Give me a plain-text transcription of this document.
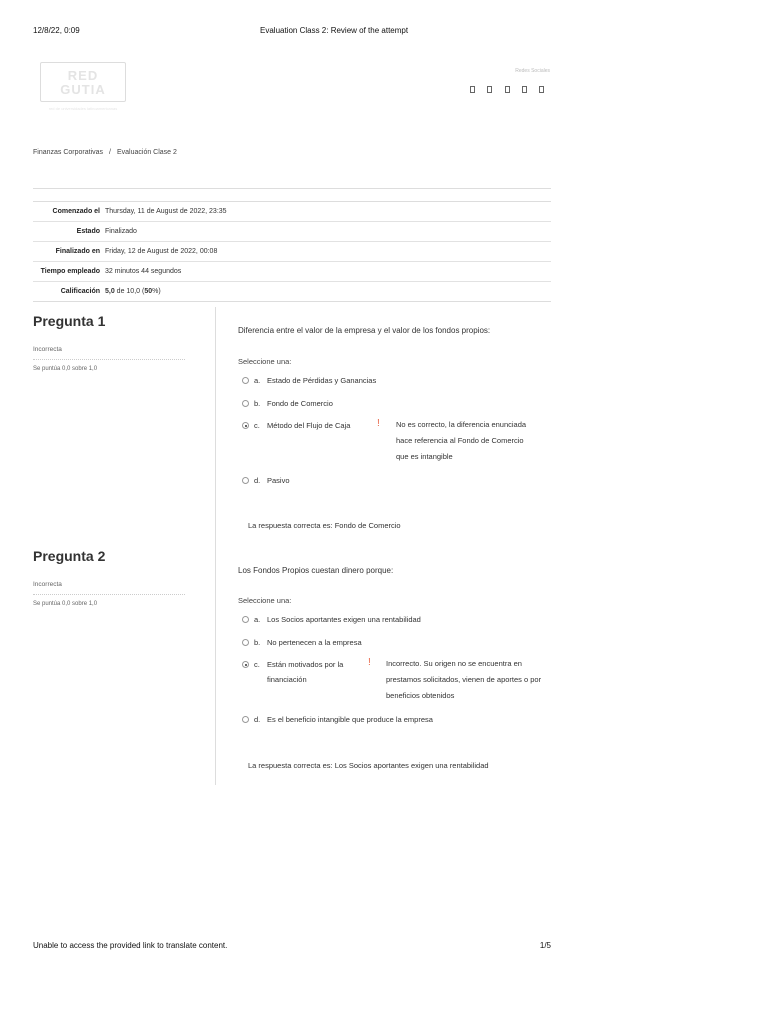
12/8/22, 0:09	Evaluation Class 2: Review of the attempt
RED
GUTIA
red de universidades latinoamericanas
Redes Sociales
Finanzas Corporativas / Evaluación Clase 2
Comenzado el Thursday, 11 de August de 2022, 23:35
Estado Finalizado
Finalizado en Friday, 12 de August de 2022, 00:08
Tiempo empleado 32 minutos 44 segundos
Calificación 5,0 de 10,0 (50%)
Pregunta 1
Incorrecta
Se puntúa 0,0 sobre 1,0
Diferencia entre el valor de la empresa y el valor de los fondos propios:
Seleccione una:
a. Estado de Pérdidas y Ganancias
b. Fondo de Comercio
c. Método del Flujo de Caja	ǃ No es correcto, la diferencia enunciada hace referencia al Fondo de Comercio que es intangible
d. Pasivo
La respuesta correcta es: Fondo de Comercio
Pregunta 2
Incorrecta
Se puntúa 0,0 sobre 1,0
Los Fondos Propios cuestan dinero porque:
Seleccione una:
a. Los Socios aportantes exigen una rentabilidad
b. No pertenecen a la empresa
c. Están motivados por la financiación
ǃ Incorrecto. Su origen no se encuentra en prestamos solicitados, vienen de aportes o por beneficios obtenidos
d. Es el beneficio intangible que produce la empresa
La respuesta correcta es: Los Socios aportantes exigen una rentabilidad
Unable to access the provided link to translate content.	1/5
